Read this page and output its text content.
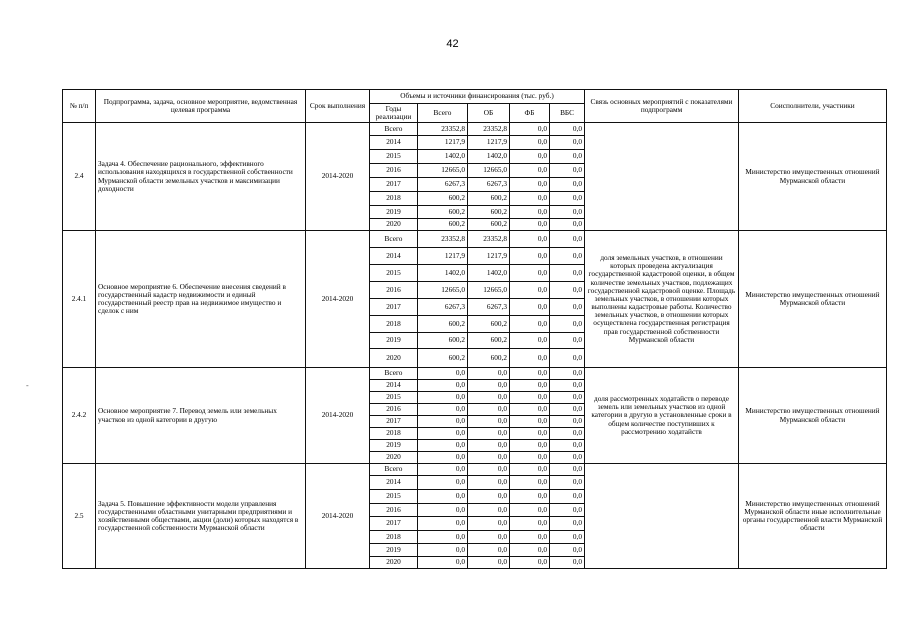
42
-
№ п/п	Подпрограмма, задача, основное мероприятие, ведомственная целевая программа	Срок выполнения	Объемы и источники финансирования (тыс. руб.)					Связь основных мероприятий с показателями подпрограмм	Соисполнители, участники
			Годы реализации	Всего	ОБ	ФБ	ВБС		
2.4	Задача 4. Обеспечение рационального, эффективного использования находящихся в государственной собственности Мурманской области земельных участков и максимизации доходности	2014-2020	Всего	23352,8	23352,8	0,0	0,0		Министерство имущественных отношений Мурманской области
			2014	1217,9	1217,9	0,0	0,0		
			2015	1402,0	1402,0	0,0	0,0		
			2016	12665,0	12665,0	0,0	0,0		
			2017	6267,3	6267,3	0,0	0,0		
			2018	600,2	600,2	0,0	0,0		
			2019	600,2	600,2	0,0	0,0		
			2020	600,2	600,2	0,0	0,0		
2.4.1	Основное мероприятие 6. Обеспечение внесения сведений в государственный кадастр недвижимости и единый государственный реестр прав на недвижимое имущество и сделок с ним	2014-2020	Всего	23352,8	23352,8	0,0	0,0	доля земельных участков, в отношении которых проведена актуализация государственной кадастровой оценки, в общем количестве земельных участков, подлежащих государственной кадастровой оценке. Площадь земельных участков, в отношении которых выполнены кадастровые работы. Количество земельных участков, в отношении которых осуществлена государственная регистрация прав государственной собственности Мурманской области	Министерство имущественных отношений Мурманской области
			2014	1217,9	1217,9	0,0	0,0		
			2015	1402,0	1402,0	0,0	0,0		
			2016	12665,0	12665,0	0,0	0,0		
			2017	6267,3	6267,3	0,0	0,0		
			2018	600,2	600,2	0,0	0,0		
			2019	600,2	600,2	0,0	0,0		
			2020	600,2	600,2	0,0	0,0		
2.4.2	Основное мероприятие 7. Перевод земель или земельных участков из одной категории в другую	2014-2020	Всего	0,0	0,0	0,0	0,0	доля рассмотренных ходатайств о переводе земель или земельных участков из одной категории в другую в установленные сроки в общем количестве поступивших к рассмотрению ходатайств	Министерство имущественных отношений Мурманской области
			2014	0,0	0,0	0,0	0,0		
			2015	0,0	0,0	0,0	0,0		
			2016	0,0	0,0	0,0	0,0		
			2017	0,0	0,0	0,0	0,0		
			2018	0,0	0,0	0,0	0,0		
			2019	0,0	0,0	0,0	0,0		
			2020	0,0	0,0	0,0	0,0		
2.5	Задача 5. Повышение эффективности модели управления государственными областными унитарными предприятиями и хозяйственными обществами, акции (доли) которых находятся в государственной собственности Мурманской области	2014-2020	Всего	0,0	0,0	0,0	0,0		Министерство имущественных отношений Мурманской области иные исполнительные органы государственной власти Мурманской области
			2014	0,0	0,0	0,0	0,0		
			2015	0,0	0,0	0,0	0,0		
			2016	0,0	0,0	0,0	0,0		
			2017	0,0	0,0	0,0	0,0		
			2018	0,0	0,0	0,0	0,0		
			2019	0,0	0,0	0,0	0,0		
			2020	0,0	0,0	0,0	0,0		
